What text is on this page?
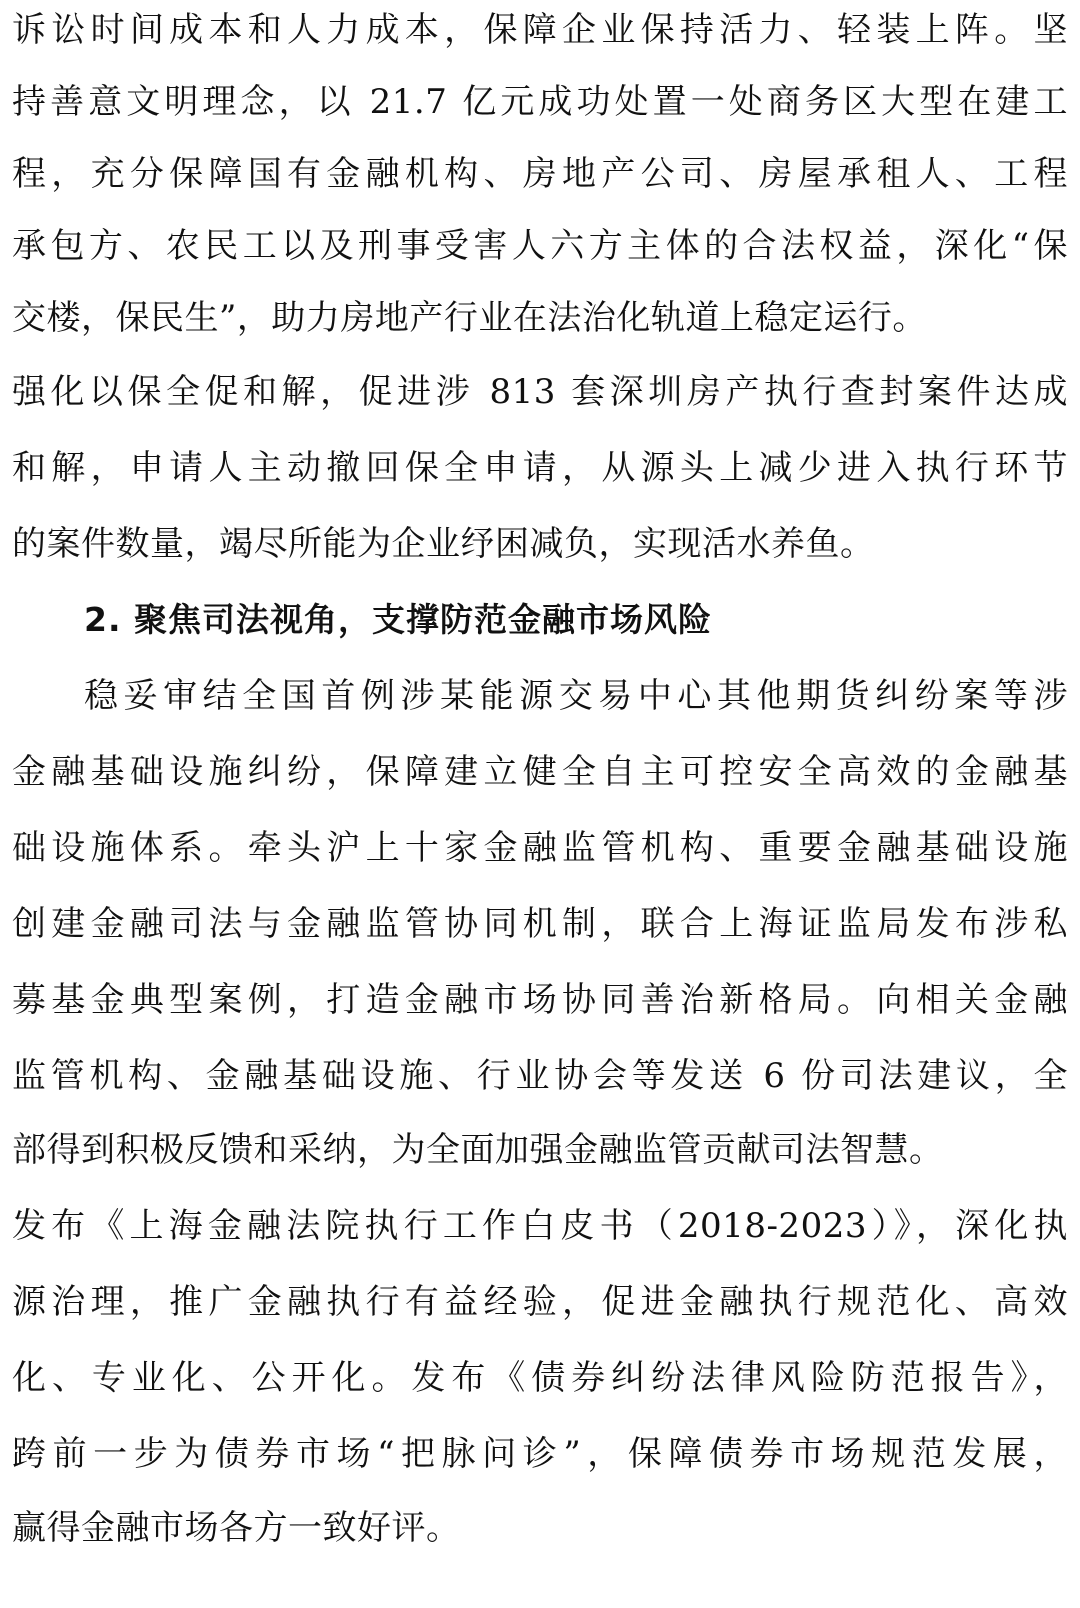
诉讼时间成本和人力成本，保障企业保持活力、轻装上阵。坚
持善意文明理念，以 21.7 亿元成功处置一处商务区大型在建工
程，充分保障国有金融机构、房地产公司、房屋承租人、工程
承包方、农民工以及刑事受害人六方主体的合法权益，深化“保
交楼，保民生”，助力房地产行业在法治化轨道上稳定运行。
强化以保全促和解，促进涉 813 套深圳房产执行查封案件达成
和解，申请人主动撤回保全申请，从源头上减少进入执行环节
的案件数量，竭尽所能为企业纾困减负，实现活水养鱼。
2. 聚焦司法视角，支撑防范金融市场风险
稳妥审结全国首例涉某能源交易中心其他期货纠纷案等涉
金融基础设施纠纷，保障建立健全自主可控安全高效的金融基
础设施体系。牵头沪上十家金融监管机构、重要金融基础设施
创建金融司法与金融监管协同机制，联合上海证监局发布涉私
募基金典型案例，打造金融市场协同善治新格局。向相关金融
监管机构、金融基础设施、行业协会等发送 6 份司法建议，全
部得到积极反馈和采纳，为全面加强金融监管贡献司法智慧。
发布《上海金融法院执行工作白皮书（2018-2023）》，深化执
源治理，推广金融执行有益经验，促进金融执行规范化、高效
化、专业化、公开化。发布《债券纠纷法律风险防范报告》，
跨前一步为债券市场“把脉问诊”，保障债券市场规范发展，
赢得金融市场各方一致好评。
